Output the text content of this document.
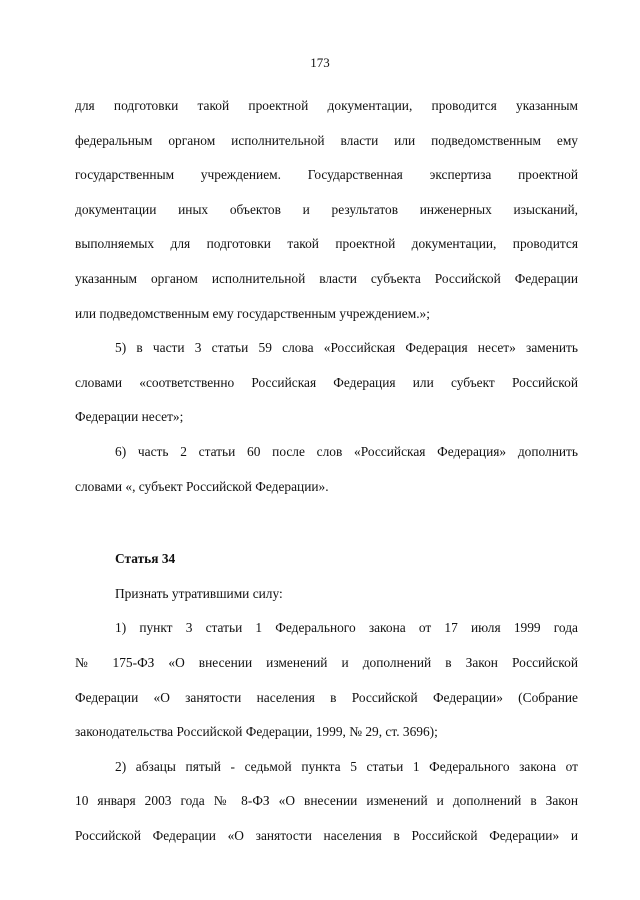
173
для подготовки такой проектной документации, проводится указанным
федеральным органом исполнительной власти или подведомственным ему
государственным учреждением. Государственная экспертиза проектной
документации иных объектов и результатов инженерных изысканий,
выполняемых для подготовки такой проектной документации, проводится
указанным органом исполнительной власти субъекта Российской Федерации
или подведомственным ему государственным учреждением.»;
5) в части 3 статьи 59 слова «Российская Федерация несет» заменить
словами «соответственно Российская Федерация или субъект Российской
Федерации несет»;
6) часть 2 статьи 60 после слов «Российская Федерация» дополнить
словами «, субъект Российской Федерации».
Статья 34
Признать утратившими силу:
1) пункт 3 статьи 1 Федерального закона от 17 июля 1999 года
№ 175-ФЗ «О внесении изменений и дополнений в Закон Российской
Федерации «О занятости населения в Российской Федерации» (Собрание
законодательства Российской Федерации, 1999, № 29, ст. 3696);
2) абзацы пятый - седьмой пункта 5 статьи 1 Федерального закона от
10 января 2003 года № 8-ФЗ «О внесении изменений и дополнений в Закон
Российской Федерации «О занятости населения в Российской Федерации» и
